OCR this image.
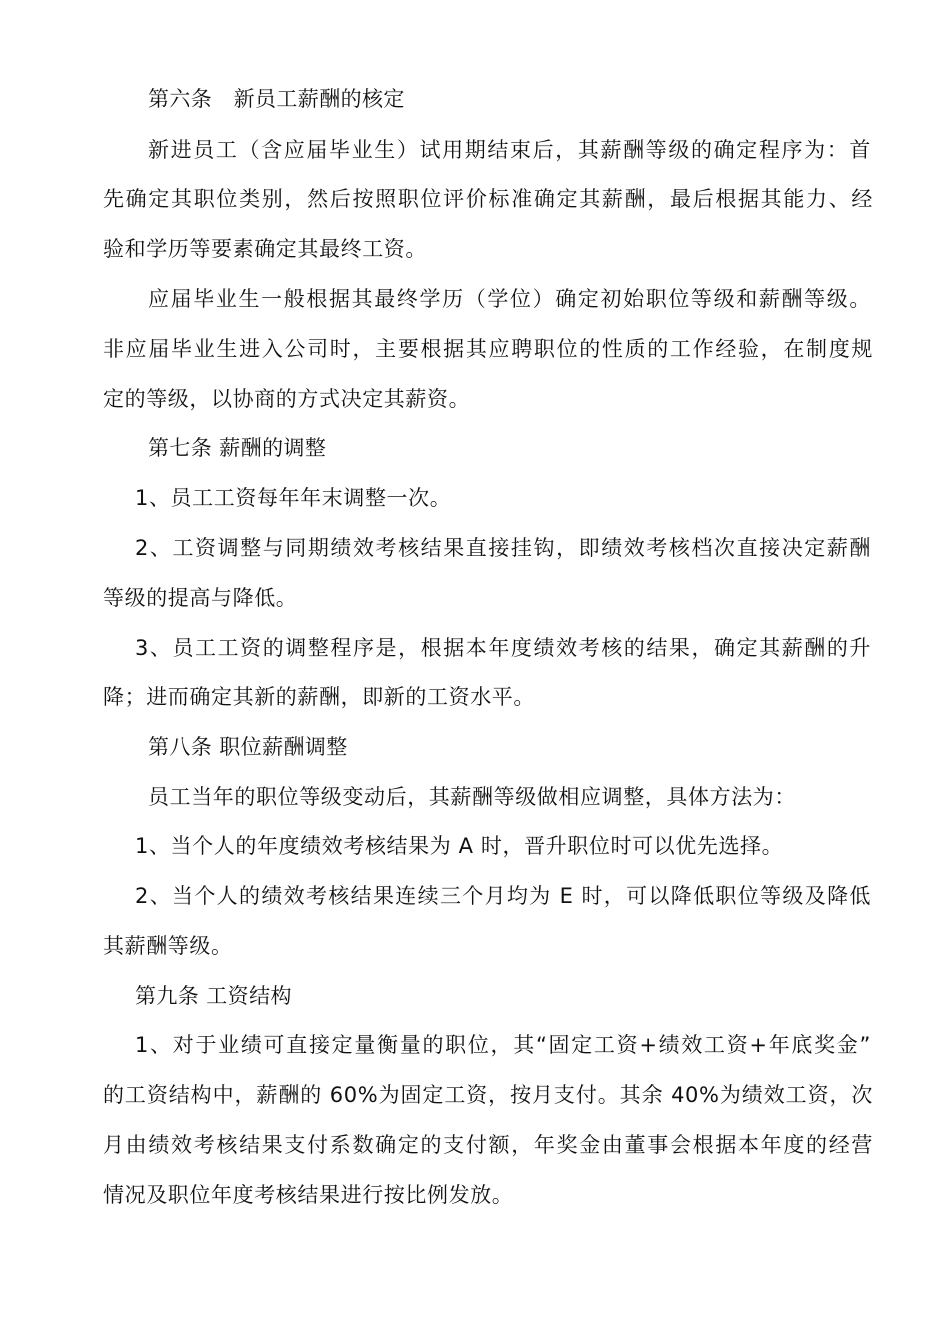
第六条　新员工薪酬的核定
新进员工（含应届毕业生）试用期结束后，其薪酬等级的确定程序为：首
先确定其职位类别，然后按照职位评价标准确定其薪酬，最后根据其能力、经
验和学历等要素确定其最终工资。
应届毕业生一般根据其最终学历（学位）确定初始职位等级和薪酬等级。
非应届毕业生进入公司时，主要根据其应聘职位的性质的工作经验，在制度规
定的等级，以协商的方式决定其薪资。
第七条 薪酬的调整
1、员工工资每年年末调整一次。
2、工资调整与同期绩效考核结果直接挂钩，即绩效考核档次直接决定薪酬
等级的提高与降低。
3、员工工资的调整程序是，根据本年度绩效考核的结果，确定其薪酬的升
降；进而确定其新的薪酬，即新的工资水平。
第八条 职位薪酬调整
员工当年的职位等级变动后，其薪酬等级做相应调整，具体方法为：
1、当个人的年度绩效考核结果为 A 时，晋升职位时可以优先选择。
2、当个人的绩效考核结果连续三个月均为 E 时，可以降低职位等级及降低
其薪酬等级。
第九条 工资结构
1、对于业绩可直接定量衡量的职位，其“固定工资+绩效工资+年底奖金”
的工资结构中，薪酬的 60%为固定工资，按月支付。其余 40%为绩效工资，次
月由绩效考核结果支付系数确定的支付额，年奖金由董事会根据本年度的经营
情况及职位年度考核结果进行按比例发放。
